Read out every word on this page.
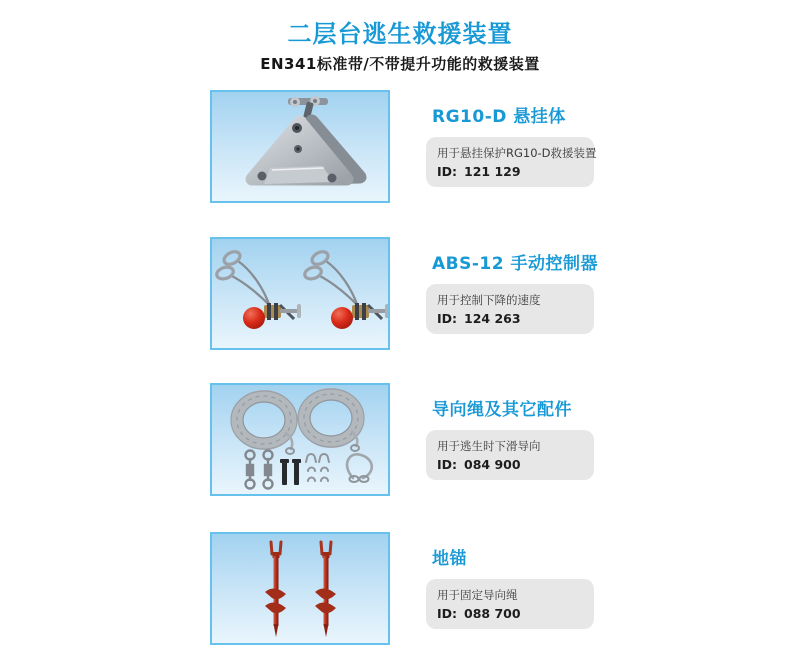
二层台逃生救援装置
EN341标准带/不带提升功能的救援装置
RG10-D 悬挂体
用于悬挂保护RG10-D救援装置
ID: 121 129
ABS-12 手动控制器
用于控制下降的速度
ID: 124 263
导向绳及其它配件
用于逃生时下滑导向
ID: 084 900
地锚
用于固定导向绳
ID: 088 700
